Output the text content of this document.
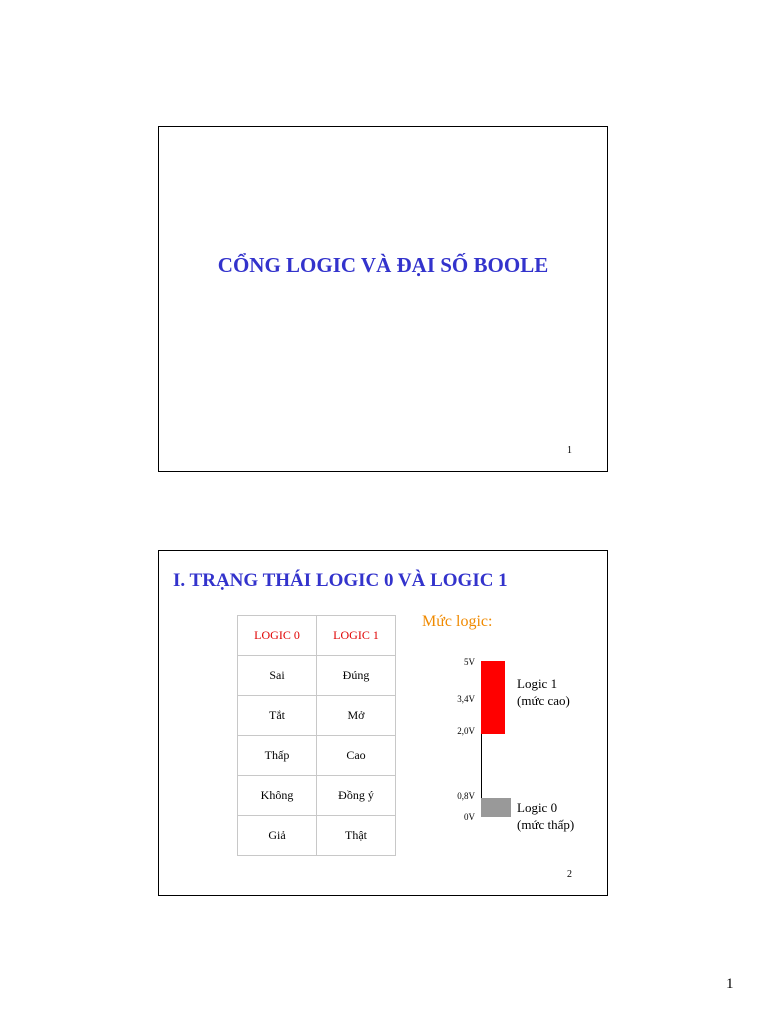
CỔNG LOGIC VÀ ĐẠI SỐ BOOLE
1
I. TRẠNG THÁI LOGIC 0 VÀ LOGIC 1
LOGIC 0	LOGIC 1
Sai	Đúng
Tắt	Mở
Thấp	Cao
Không	Đồng ý
Giả	Thật
Mức logic:
5V
3,4V
2,0V
0,8V
0V
Logic 1
(mức cao)
Logic 0
(mức thấp)
2
1
